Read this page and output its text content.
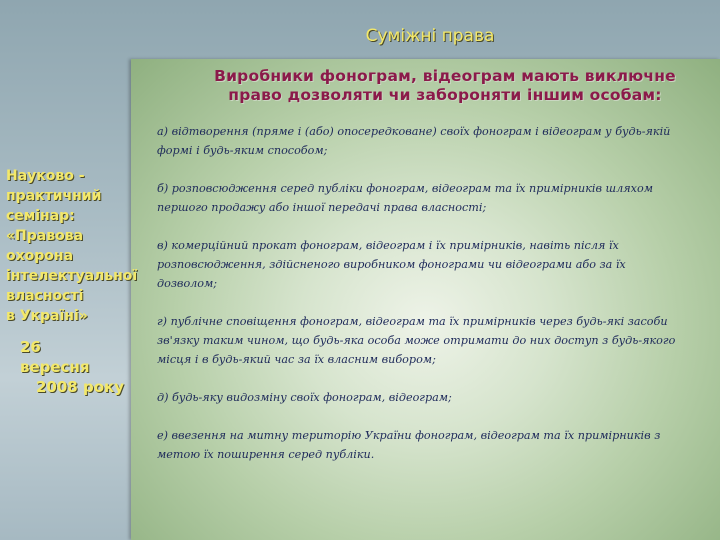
Суміжні права
Виробники фонограм, відеограм мають виключне право дозволяти чи забороняти іншим особам:
а) відтворення (пряме і (або) опосередковане) своїх фонограм і відеограм у будь-якій формі і будь-яким способом;
б) розповсюдження серед публіки фонограм, відеограм та їх примірників шляхом першого продажу або іншої передачі права власності;
в) комерційний прокат фонограм, відеограм і їх примірників, навіть після їх розповсюдження, здійсненого виробником фонограми чи відеограми або за їх дозволом;
г) публічне сповіщення фонограм, відеограм та їх примірників через будь-які засоби зв'язку таким чином, що будь-яка особа може отримати до них доступ з будь-якого місця і в будь-який час за їх власним вибором;
д) будь-яку видозміну своїх фонограм, відеограм;
е) ввезення на митну територію України фонограм, відеограм та їх примірників з метою їх поширення серед публіки.
Науково -
практичний
семінар:
«Правова
охорона
інтелектуальної
власності
в Україні»
26
вересня
2008 року
